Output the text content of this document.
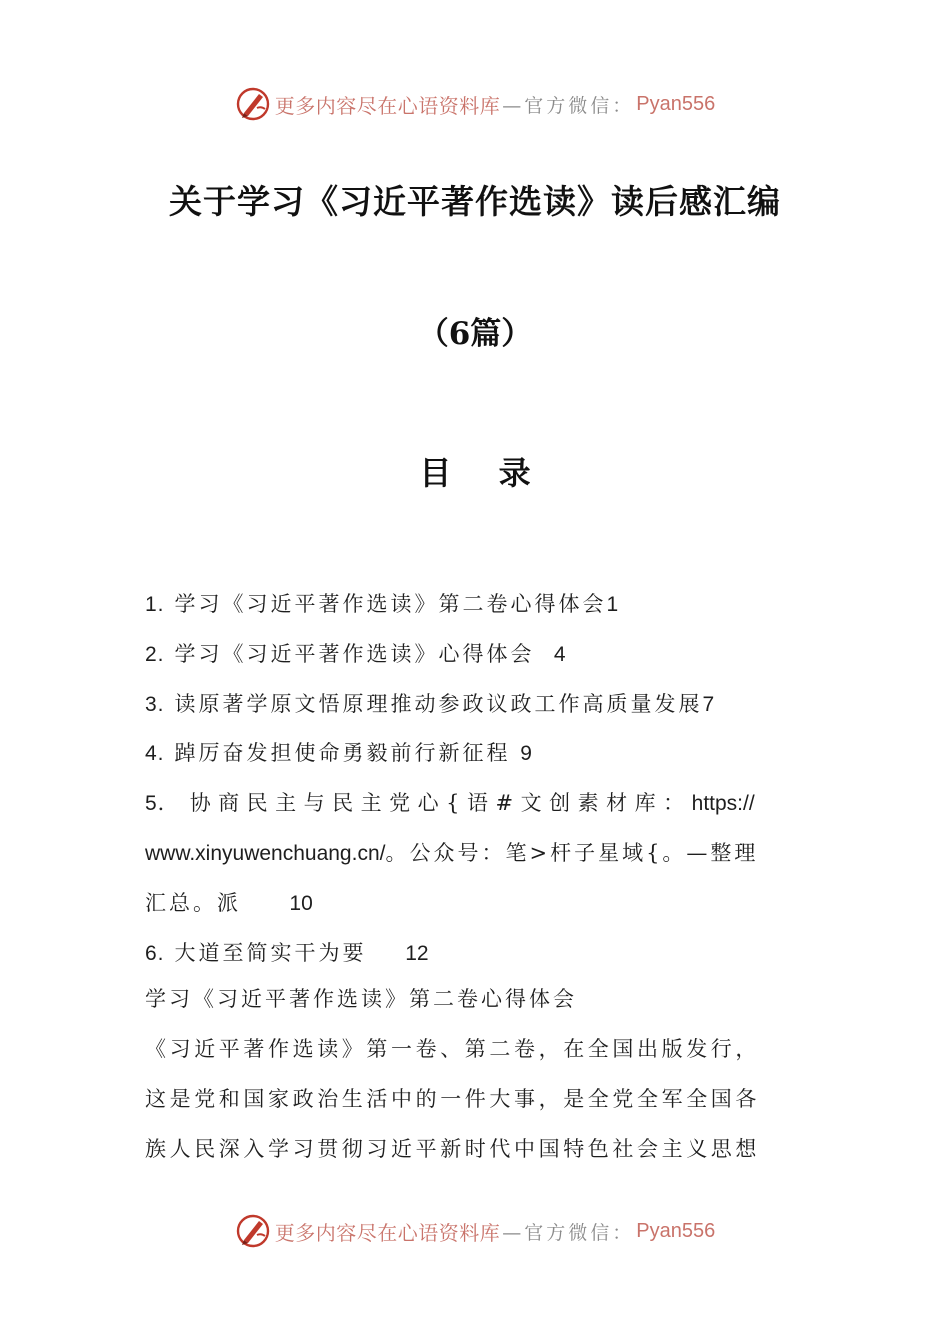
更多内容尽在心语资料库 —官方微信： Pyan556
关于学习《习近平著作选读》读后感汇编
（6篇）
目 录
1. 学习《习近平著作选读》第二卷心得体会1
2. 学习《习近平著作选读》心得体会 4
3. 读原著学原文悟原理推动参政议政工作高质量发展7
4. 踔厉奋发担使命勇毅前行新征程 9
5． 协商民主与民主党心{语#文创素材库：https://
www.xinyuwenchuang.cn/。公众号：笔>杆子星域{。—整理
汇总。派 10
6. 大道至简实干为要 12
学习《习近平著作选读》第二卷心得体会
《习近平著作选读》第一卷、第二卷，在全国出版发行，
这是党和国家政治生活中的一件大事，是全党全军全国各
族人民深入学习贯彻习近平新时代中国特色社会主义思想
更多内容尽在心语资料库 —官方微信： Pyan556
